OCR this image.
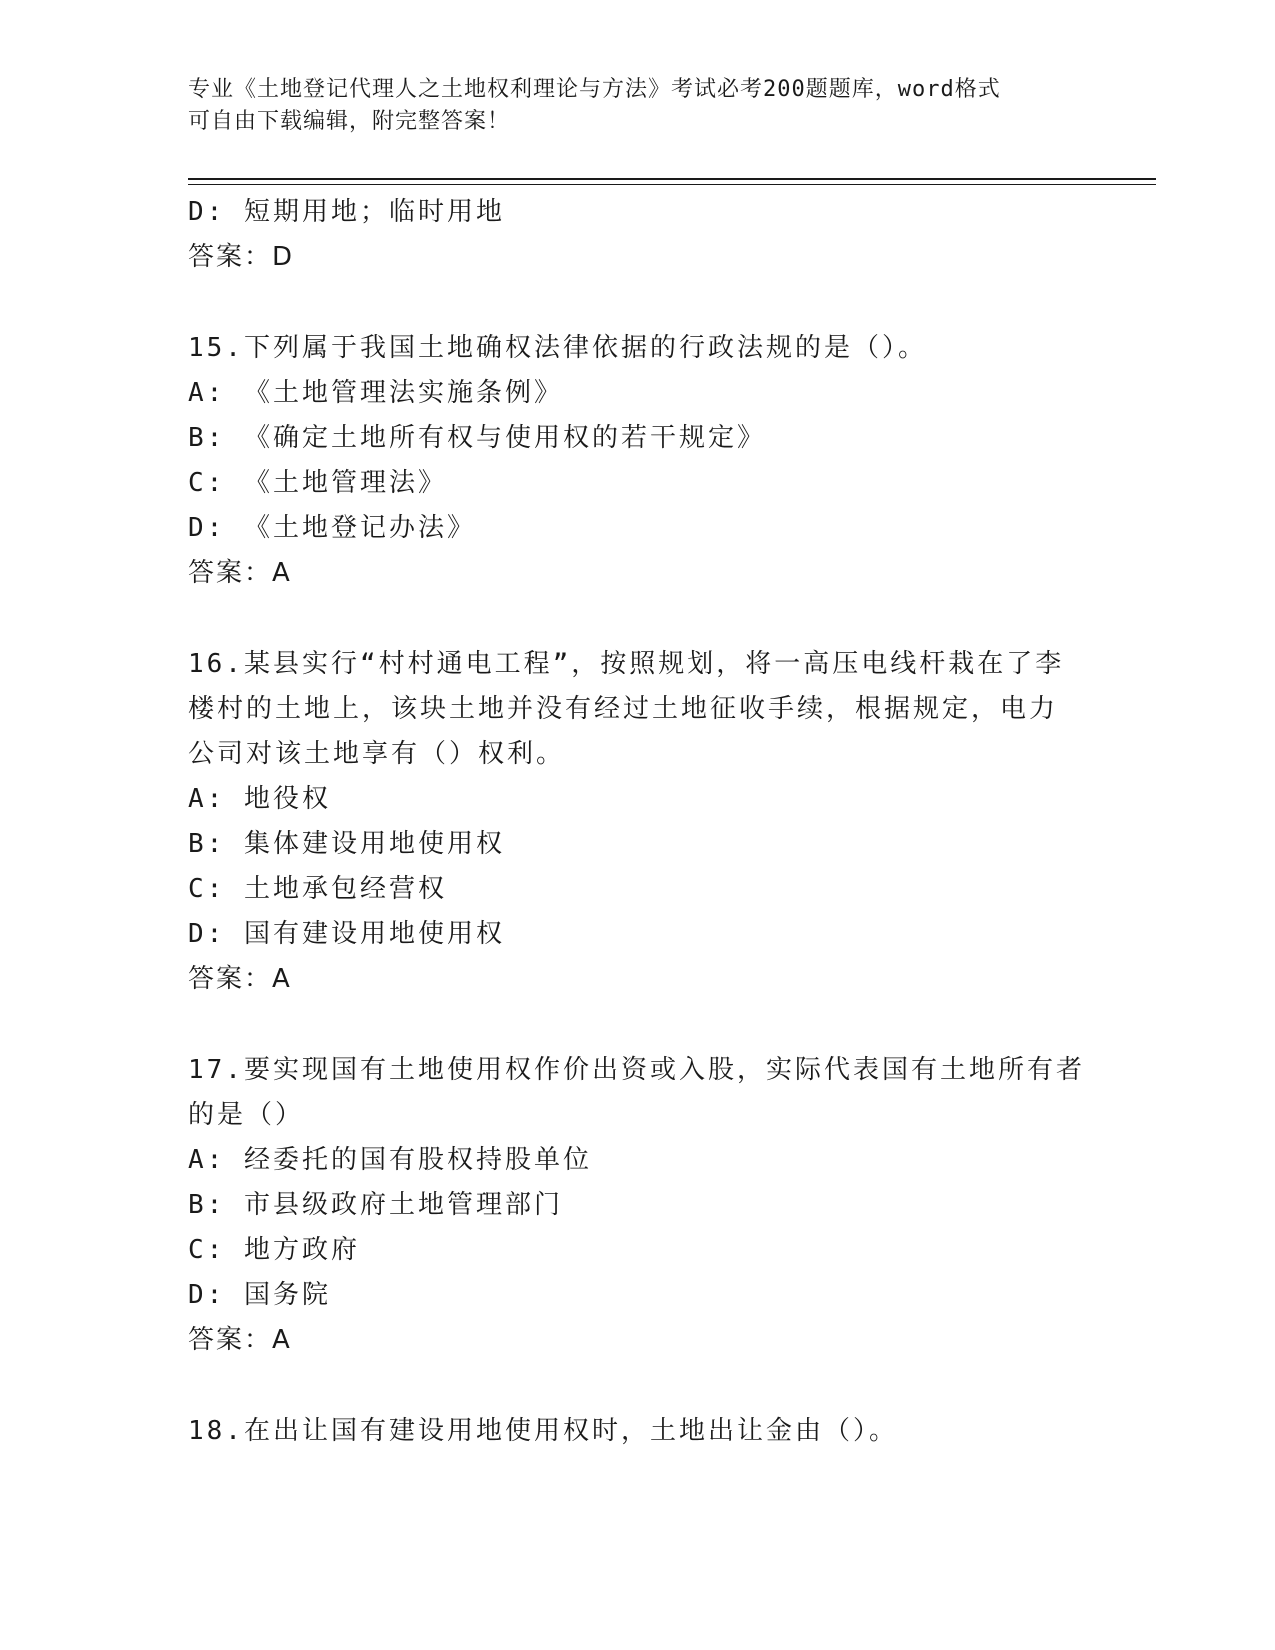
专业《土地登记代理人之土地权利理论与方法》考试必考200题题库，word格式
可自由下载编辑，附完整答案！
D: 短期用地；临时用地
答案：D
15.下列属于我国土地确权法律依据的行政法规的是（）。
A: 《土地管理法实施条例》
B: 《确定土地所有权与使用权的若干规定》
C: 《土地管理法》
D: 《土地登记办法》
答案：A
16.某县实行“村村通电工程”，按照规划，将一高压电线杆栽在了李
楼村的土地上，该块土地并没有经过土地征收手续，根据规定，电力
公司对该土地享有（）权利。
A: 地役权
B: 集体建设用地使用权
C: 土地承包经营权
D: 国有建设用地使用权
答案：A
17.要实现国有土地使用权作价出资或入股，实际代表国有土地所有者
的是（）
A: 经委托的国有股权持股单位
B: 市县级政府土地管理部门
C: 地方政府
D: 国务院
答案：A
18.在出让国有建设用地使用权时，土地出让金由（）。
